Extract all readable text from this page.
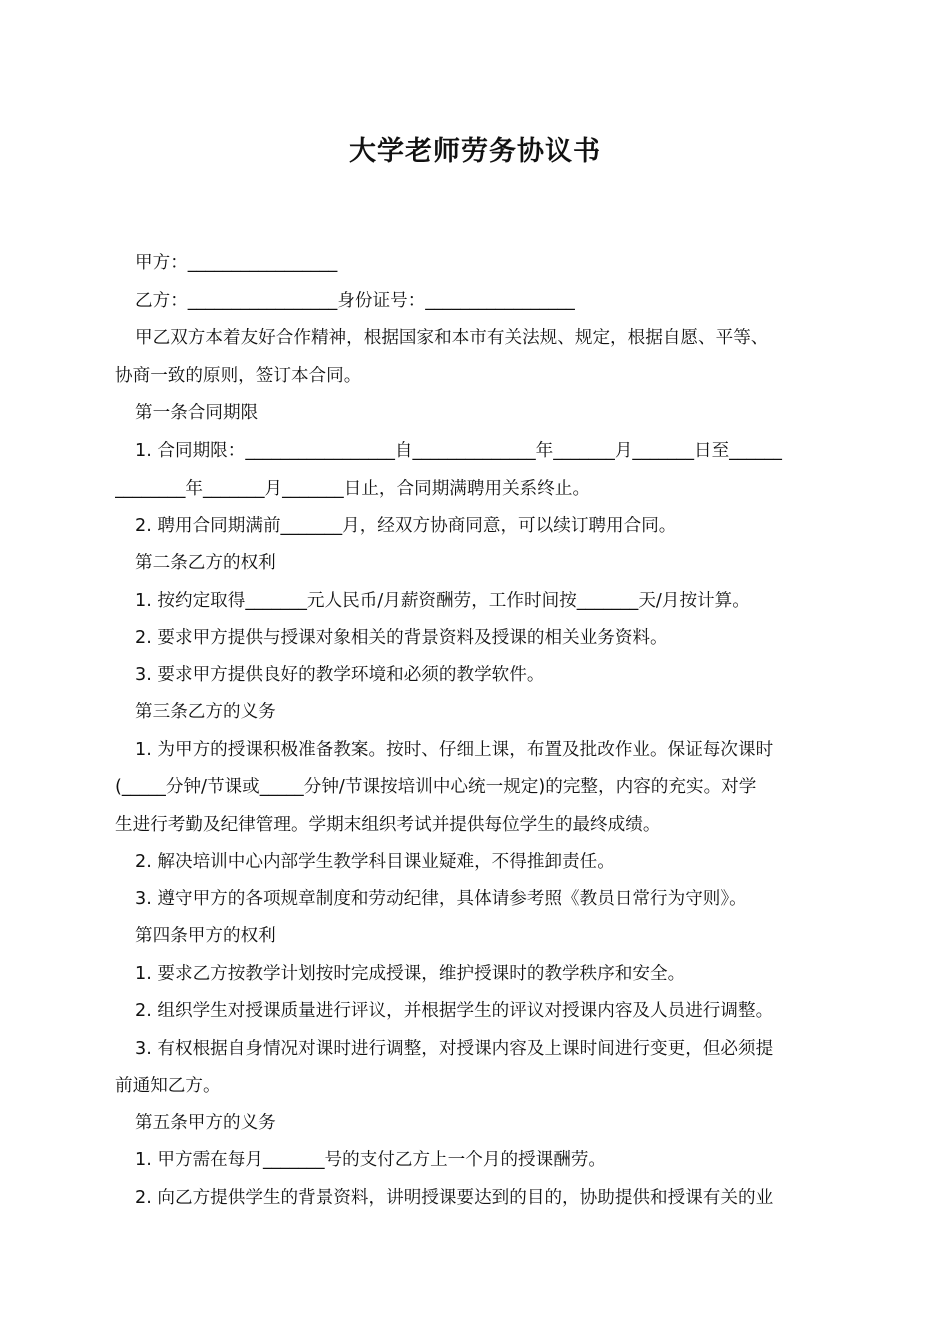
大学老师劳务协议书
甲方：_________________
乙方：_________________身份证号：_________________
甲乙双方本着友好合作精神，根据国家和本市有关法规、规定，根据自愿、平等、
协商一致的原则，签订本合同。
第一条合同期限
1. 合同期限：_________________自______________年_______月_______日至______
________年_______月_______日止，合同期满聘用关系终止。
2. 聘用合同期满前_______月，经双方协商同意，可以续订聘用合同。
第二条乙方的权利
1. 按约定取得_______元人民币/月薪资酬劳，工作时间按_______天/月按计算。
2. 要求甲方提供与授课对象相关的背景资料及授课的相关业务资料。
3. 要求甲方提供良好的教学环境和必须的教学软件。
第三条乙方的义务
1. 为甲方的授课积极准备教案。按时、仔细上课，布置及批改作业。保证每次课时
(_____分钟/节课或_____分钟/节课按培训中心统一规定)的完整，内容的充实。对学
生进行考勤及纪律管理。学期末组织考试并提供每位学生的最终成绩。
2. 解决培训中心内部学生教学科目课业疑难，不得推卸责任。
3. 遵守甲方的各项规章制度和劳动纪律，具体请参考照《教员日常行为守则》。
第四条甲方的权利
1. 要求乙方按教学计划按时完成授课，维护授课时的教学秩序和安全。
2. 组织学生对授课质量进行评议，并根据学生的评议对授课内容及人员进行调整。
3. 有权根据自身情况对课时进行调整，对授课内容及上课时间进行变更，但必须提
前通知乙方。
第五条甲方的义务
1. 甲方需在每月_______号的支付乙方上一个月的授课酬劳。
2. 向乙方提供学生的背景资料，讲明授课要达到的目的，协助提供和授课有关的业
